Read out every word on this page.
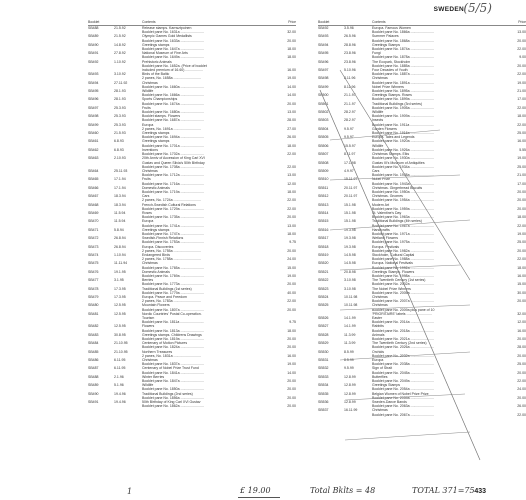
SWEDEN (5/5)
Booklet	Contents	Price
SB488	21.5.92	Release stamps. Karnsztpoinen
Booklet pane No. 1631a ........................	32.00
SB489	21.5.92	Olympic Games Gold Medallists
Booklet pane No. 1633a ........................	20.00
SB490	14.8.92	Greetings stamps
Booklet pane No. 1647a ........................	18.00
SB491	27.8.92	National Museum of Fine Arts
Booklet pane No. 1649a ........................	18.00
SB492	1.10.92	Prehistoric Animals
Booklet pane No. 1652a. (Price of booklet
included premium of 16.60) ..................	16.00
SB493	3.10.92	Birds of the Baltic
2 panes, No. 1658a ............................	19.00
SB494	27.11.92	Christmas
Booklet pane No. 1660a ........................	14.00
SB495	28.1.93	Wildlife
Booklet pane No. 1666a ........................	14.00
SB496	28.1.93	Sports Championships
Booklet pane No. 1674a ........................	20.00
SB497	25.3.93	Fruits
Booklet pane No. 1680a ........................	13.00
SB498	25.3.93	Booklet stamps. Flowers
Booklet pane No. 1687a ........................	28.00
SB499	25.3.93	Europa
2 panes, No. 1691a ............................	27.00
SB460	21.5.93	Greetings stamps
Booklet pane No. 1694a ........................	26.00
SB461	6.8.93	Greetings stamps
Booklet pane No. 1701a ........................	18.00
SB462	6.8.93	Inventions
Booklet pane No. 1702a ........................	22.00
SB463	2.10.93	20th Anniv of Accession of King Carl XVI
Gustav and Queen Silvia's 50th Birthday
Booklet pane No. 1708a ........................	22.00
SB464	25.11.93	Christmas
Booklet pane No. 1712a ........................	13.00
SB465	17.1.94	Fruits
Booklet pane No. 1716a ........................	12.00
SB466	17.1.94	Domestic Animals
Booklet pane No. 1719a ........................	18.00
SB467	18.3.94	Cars
2 panes, No. 1724a ............................	22.00
SB468	18.3.94	French-Swedish Cultural Relations
Booklet pane No. 1729a ........................	22.00
SB469	11.5.94	Roses
Booklet pane No. 1735a ........................	20.00
SB470	11.5.94	Europa
Booklet pane No. 1741a ........................	13.00
SB471	5.8.94	Greetings stamps
Booklet pane No. 1747a ........................	18.00
SB472	26.8.94	Swedish-Finnish Relations
Booklet pane No. 1753a ........................	9.75
SB473	26.8.94	Europa. Discoveries
2 panes, No. 1755a ............................	20.00
SB474	1.10.94	Endangered Birds
2 panes, No. 1758a ............................	24.00
SB475	11.11.94	Christmas
Booklet pane No. 1765a ........................	15.00
SB476	19.1.95	Domestic Animals
Booklet pane No. 1769a ........................	19.00
SB477	3.1.95	Berries
Booklet pane No. 1773a ........................	20.00
SB478	17.3.95	Traditional Buildings (1st series)
Booklet pane No. 1779a ........................	40.00
SB479	17.3.95	Europa. Peace and Freedom
2 panes, No. 1783a ............................	22.00
SB480	12.5.95	Mountain Flowers
Booklet pane No. 1807a ........................	20.00
SB481	12.5.95	Nordic Countries' Postal Co-operation.
Tourism
Booklet pane No. 1811a ........................	9.75
SB482	12.5.95	Flowers
Booklet pane No. 1813a ........................	18.00
SB483	30.8.95	Greetings stamps. Childrens Drawings
Booklet pane No. 1819a ........................	20.00
SB484	21.10.95	Centenary of Motion Pictures
Booklet pane No. 1824a ........................	20.00
SB485	21.10.95	Northern Treasures
2 panes, No. 1831a ............................	16.00
SB486	6.11.95	Christmas
Booklet pane No. 1837a ........................	19.00
SB487	6.11.95	Centenary of Nobel Prize Trust Fund
Booklet pane No. 1841a ........................	14.00
SB488	2.1.96	Winter Berries
Booklet pane No. 1847a ........................	20.00
SB489	5.1.96	Wildlife
Booklet pane No. 1850a ........................	20.00
SB490	19.4.96	Traditional Buildings (2nd series)
Booklet pane No. 1856a ........................	20.00
SB491	19.4.96	50th Birthday of King Carl XVI Gustav
Booklet pane No. 1862a ........................	20.00
Booklet	Contents	Price
SB492	3.5.96	Europa. Famous Women
Booklet pane No. 1866a ........................	13.00
SB493	26.5.96	Summer Palaces
Booklet pane No. 1868a ........................	20.00
SB494	28.8.96	Greetings Stamps
Booklet pane No. 1874a ........................	22.00
SB495	23.8.96	Fungi
Booklet pane No. 1878a ........................	9.00
SB496	23.8.96	The Ecopark, Stockholm
Booklet pane No. 1885a ........................	20.00
SB497	5.10.96	Four Decades of Youth
Booklet pane No. 1887a ........................	22.00
SB498	8.11.96	Christmas
Booklet pane No. 1891a ........................	19.00
SB499	8.11.96	Nobel Prize Winners
Booklet pane No. 1895a ........................	21.00
SB500	21.1.97	Greetings Stamps. Roses
Booklet pane No. 1899a ........................	17.00
SB501	21.1.97	Traditional Buildings (3rd series)
Booklet pane No. 1905a ........................	22.00
SB502	28.2.97	Wildlife
Booklet pane No. 1909a ........................	18.00
SB503	28.2.97	Insects
Booklet pane No. 1911a ........................	22.00
SB504	9.5.97	Garden Flowers
Booklet pane No. 1916a ........................	25.00
SB505	9.5.97	Europa. Tales and Legends
Booklet pane No. 1920a ........................	16.00
SB506	15.5.97	Wildlife
Booklet pane No. 1926a ........................	5.55
SB507	8.11.97	Christmas Stamps. Elks
Booklet pane No. 1930a ........................	19.00
SB508	17.1.98	Gustav III's Museum of Antiquities
Booklet pane No. 1934a ........................	25.00
SB509	4.9.97	Cars
Booklet pane No. 1938a ........................	21.00
SB510	15.11.97	Nobel Prize
Booklet pane No. 1943a ........................	17.00
SB511	20.11.97	Christmas. Gingerbread Biscuits
Booklet pane No. 1950a ........................	20.00
SB512	20.11.97	Christmas. Gnomes
Booklet pane No. 1954a ........................	20.00
SB513	15.1.98	Modern Art
Booklet pane No. 1959a ........................	20.00
SB514	15.1.98	St. Valentine's Day
Booklet pane No. 1963a ........................	18.00
SB515	15.1.98	Traditional Buildings (4th series)
Booklet pane No. 1967a ........................	22.00
SB516	19.3.98	Handicrafts
Booklet pane No. 1971a ........................	19.00
SB517	19.3.98	Wetland Flowers
Booklet pane No. 1975a ........................	25.00
SB518	19.3.98	Europa. Festivals
Booklet pane No. 1982a ........................	20.00
SB519	14.5.98	Stockholm, Cultural Capital
Booklet pane No. 1988a ........................	22.00
SB520	14.5.98	Europa. National Festivals
Booklet pane No. 1992a ........................	18.00
SB521	20.8.98	Greetings Stamps. Flowers
Booklet pane No. 1998a ........................	16.00
SB522	3.10.98	The Twentieth Century (1st series)
Booklet pane No. 2002a ........................	15.00
SB523	3.10.98	The Nobel Prize Winners
Booklet pane No. 2005a ........................	30.00
SB524	10.11.98	Christmas
Booklet pane No. 2007a ........................	20.00
SB525	10.11.98	Christmas
Booklet pane No. 2009a plus pane of 10
'PRIORITAIRE' labels ..........................	32.00
SB526	14.1.99	Easter
Booklet pane No. 2014a ........................	12.00
SB527	14.1.99	Rabbits
Booklet pane No. 2018a ........................	16.00
SB528	11.3.99	Animals
Booklet pane No. 2021a ........................	20.00
SB529	11.3.99	The Twentieth Century (2nd series)
Booklet pane No. 2026a ........................	28.00
SB530	8.5.99	Orchids
Booklet pane No. 2032a ........................	20.00
SB531	8.5.99	Europa
Booklet pane No. 2038a ........................	25.00
SB532	9.5.99	Sign of Strait
Booklet pane No. 2045a ........................	20.00
SB533	12.8.99	Butterflies
Booklet pane No. 2049a ........................	22.00
SB534	12.8.99	Greetings Stamps
Booklet pane No. 2054a ........................	24.00
SB535	12.8.99	Belgian Women of Nobel Prize Prize
Booklet pane No. 2059a ........................	20.00
SB536	12.8.99	Sweden-Dance Bands
Booklet pane No. 2063a ........................	26.00
SB537	16.11.99	Christmas
Booklet pane No. 2067a ........................	22.00
1	£ 19.00	Total Bklts = 48	TOTAL 371=75 433
